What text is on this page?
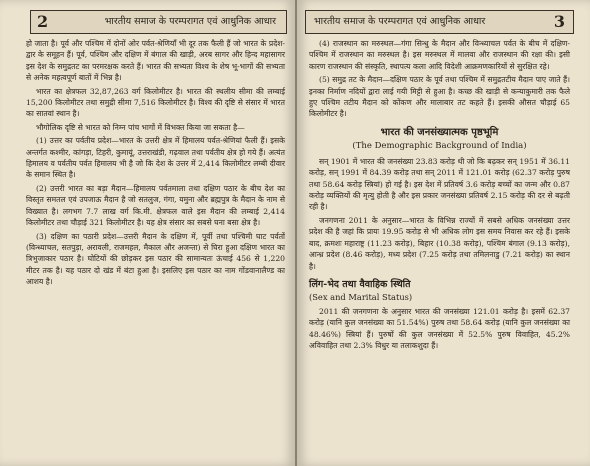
2	भारतीय समाज के परम्परागत एवं आधुनिक आधार

हो जाता है। पूर्व और पश्चिम में दोनों ओर पर्वत-श्रेणियाँ भी दूर तक फैली हैं जो भारत के प्रदेश-द्वार के समूहन हैं। पूर्व, पश्चिम और दक्षिण में बंगाल की खाड़ी, अरब सागर और हिन्द महासागर इस देश के समुद्रतट का परमरक्षक करते हैं। भारत की सभ्यता विश्व के शेष भू-भागों की सभ्यता से अनेक महत्वपूर्ण बातों में भिन्न है।

भारत का क्षेत्रफल 32,87,263 वर्ग किलोमीटर है। भारत की स्थलीय सीमा की लम्बाई 15,200 किलोमीटर तथा समुद्री सीमा 7,516 किलोमीटर है। विश्व की दृष्टि से संसार में भारत का सातवां स्थान है।

भौगोलिक दृष्टि से भारत को निम्न पांच भागों में विभक्त किया जा सकता है—

(1) उत्तर का पर्वतीय प्रदेश—भारत के उत्तरी क्षेत्र में हिमालय पर्वत-श्रेणियां फैली हैं। इसके अन्तर्गत कश्मीर, कांगड़ा, टिहरी, कुमायूं, उत्तराखंडी, गढ़वाल तथा पर्वतीय क्षेत्र हो गये हैं। अत्यंत हिमालय व पर्वतीय पर्वत हिमालय भी है जो कि देश के उत्तर में 2,414 किलोमीटर लम्बी दीवार के समान स्थित है।

(2) उत्तरी भारत का बड़ा मैदान—हिमालय पर्वतमाला तथा दक्षिण पठार के बीच देश का विस्तृत समतल एवं उपजाऊ मैदान है जो सतलुज, गंगा, यमुना और ब्रह्मपुत्र के मैदान के नाम से विख्यात है। लगभग 7.7 लाख वर्ग कि.मी. क्षेत्रफल वाले इस मैदान की लम्बाई 2,414 किलोमीटर तथा चौड़ाई 321 किलोमीटर है। यह क्षेत्र संसार का सबसे घना बसा क्षेत्र है।

(3) दक्षिण का पठारी प्रदेश—उत्तरी मैदान के दक्षिण में, पूर्वी तथा पश्चिमी घाट पर्वतों (विन्ध्याचल, सतपुड़ा, अरावली, राजमहल, मैकाल और अजन्ता) से घिरा हुआ दक्षिण भारत का त्रिभुजाकार पठार है। घोटियों की छोड़कर इस पठार की सामान्यतः ऊंचाई 456 से 1,220 मीटर तक है। यह पठार दो खंड में बंटा हुआ है। इसलिए इस पठार का नाम गोंडवानालैण्ड का आशय है।

भारतीय समाज के परम्परागत एवं आधुनिक आधार	3

(4) राजस्थान का मरुस्थल—गंगा सिन्धु के मैदान और विन्ध्याचल पर्वत के बीच में दक्षिण-पश्चिम में राजस्थान का मरुस्थल है। इस मरुस्थल में मालवा और राजस्थान की रक्षा की। इसी कारण राजस्थान की संस्कृति, स्थापत्य कला आदि विदेशी आक्रमणकारियों से सुरक्षित रहे।

(5) समुद्र तट के मैदान—दक्षिण पठार के पूर्व तथा पश्चिम में समुद्रतटीय मैदान पाए जाते हैं। इनका निर्माण नदियों द्वारा लाई गयी मिट्टी से हुआ है। कच्छ की खाड़ी से कन्याकुमारी तक फैले हुए पश्चिम तटीय मैदान को कोंकण और मालाबार तट कहते हैं। इसकी औसत चौड़ाई 65 किलोमीटर है।

भारत की जनसंख्यात्मक पृष्ठभूमि
(The Demographic Background of India)

सन् 1901 में भारत की जनसंख्या 23.83 करोड़ थी जो कि बढ़कर सन् 1951 में 36.11 करोड़, सन् 1991 में 84.39 करोड़ तथा सन् 2011 में 121.01 करोड़ (62.37 करोड़ पुरुष तथा 58.64 करोड़ स्त्रियां) हो गई है। इस देश में प्रतिवर्ष 3.6 करोड़ बच्चों का जन्म और 0.87 करोड़ व्यक्तियों की मृत्यु होती है और इस प्रकार जनसंख्या प्रतिवर्ष 2.15 करोड़ की दर से बढ़ती रही है।

जनगणना 2011 के अनुसार—भारत के विभिन्न राज्यों में सबसे अधिक जनसंख्या उत्तर प्रदेश की है जहां कि प्रायः 19.95 करोड़ से भी अधिक लोग इस समय निवास कर रहे हैं। इसके बाद, क्रमशः महाराष्ट्र (11.23 करोड़), बिहार (10.38 करोड़), पश्चिम बंगाल (9.13 करोड़), आन्ध्र प्रदेश (8.46 करोड़), मध्य प्रदेश (7.25 करोड़ तथा तमिलनाडु (7.21 करोड़) का स्थान है।

लिंग-भेद तथा वैवाहिक स्थिति
(Sex and Marital Status)

2011 की जनगणना के अनुसार भारत की जनसंख्या 121.01 करोड़ है। इसमें 62.37 करोड़ (यानि कुल जनसंख्या का 51.54%) पुरुष तथा 58.64 करोड़ (यानि कुल जनसंख्या का 48.46%) स्त्रियां हैं। पुरुषों की कुल जनसंख्या में 52.5% पुरुष विवाहित, 45.2% अविवाहित तथा 2.3% विधुर या तलाकशुदा हैं।
